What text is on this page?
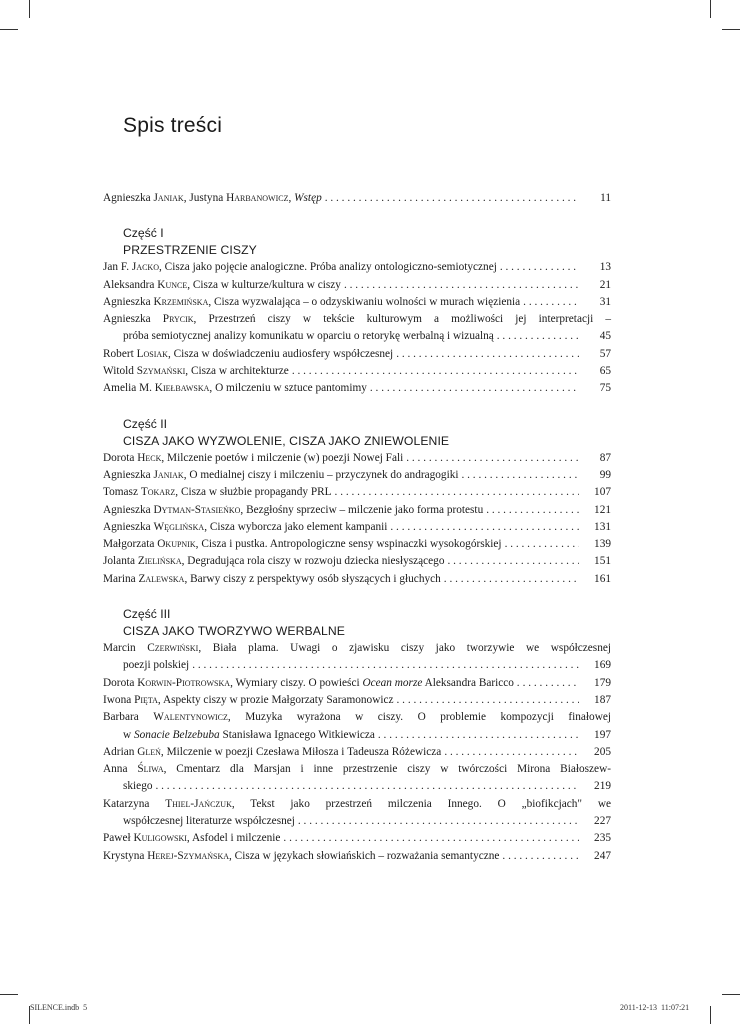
Spis treści
Agnieszka Janiak, Justyna Harbanowicz, Wstęp . . .	11
Część I
PRZESTRZENIE CISZY
Jan F. Jacko, Cisza jako pojęcie analogiczne. Próba analizy ontologiczno-semiotycznej . . .	13
Aleksandra Kunce, Cisza w kulturze/kultura w ciszy . . .	21
Agnieszka Krzemińska, Cisza wyzwalająca – o odzyskiwaniu wolności w murach więzienia . . .	31
Agnieszka Prycik, Przestrzeń ciszy w tekście kulturowym a możliwości jej interpretacji –
próba semiotycznej analizy komunikatu w oparciu o retorykę werbalną i wizualną . . .	45
Robert Losiak, Cisza w doświadczeniu audiosfery współczesnej . . .	57
Witold Szymański, Cisza w architekturze . . .	65
Amelia M. Kiełbawska, O milczeniu w sztuce pantomimy . . .	75
Część II
CISZA JAKO WYZWOLENIE, CISZA JAKO ZNIEWOLENIE
Dorota Heck, Milczenie poetów i milczenie (w) poezji Nowej Fali . . .	87
Agnieszka Janiak, O medialnej ciszy i milczeniu – przyczynek do andragogiki . . .	99
Tomasz Tokarz, Cisza w służbie propagandy PRL . . .	107
Agnieszka Dytman-Stasieńko, Bezgłośny sprzeciw – milczenie jako forma protestu . . .	121
Agnieszka Węglińska, Cisza wyborcza jako element kampanii . . .	131
Małgorzata Okupnik, Cisza i pustka. Antropologiczne sensy wspinaczki wysokogórskiej . . .	139
Jolanta Zielińska, Degradująca rola ciszy w rozwoju dziecka niesłyszącego . . .	151
Marina Zalewska, Barwy ciszy z perspektywy osób słyszących i głuchych . . .	161
Część III
CISZA JAKO TWORZYWO WERBALNE
Marcin Czerwiński, Biała plama. Uwagi o zjawisku ciszy jako tworzywie we współczesnej
poezji polskiej . . .	169
Dorota Korwin-Piotrowska, Wymiary ciszy. O powieści Ocean morze Aleksandra Baricco . . . .	179
Iwona Pięta, Aspekty ciszy w prozie Małgorzaty Saramonowicz . . .	187
Barbara Walentynowicz, Muzyka wyrażona w ciszy. O problemie kompozycji finałowej
w Sonacie Belzebuba Stanisława Ignacego Witkiewicza . . .	197
Adrian Gleń, Milczenie w poezji Czesława Miłosza i Tadeusza Różewicza . . .	205
Anna Śliwa, Cmentarz dla Marsjan i inne przestrzenie ciszy w twórczości Mirona Białoszew-
skiego . . .	219
Katarzyna Thiel-Jańczuk, Tekst jako przestrzeń milczenia Innego. O „biofikcjach" we
współczesnej literaturze współczesnej . . .	227
Paweł Kuligowski, Asfodel i milczenie . . .	235
Krystyna Herej-Szymańska, Cisza w językach słowiańskich – rozważania semantyczne . . .	247
SILENCE.indb 5	2011-12-13 11:07:21
